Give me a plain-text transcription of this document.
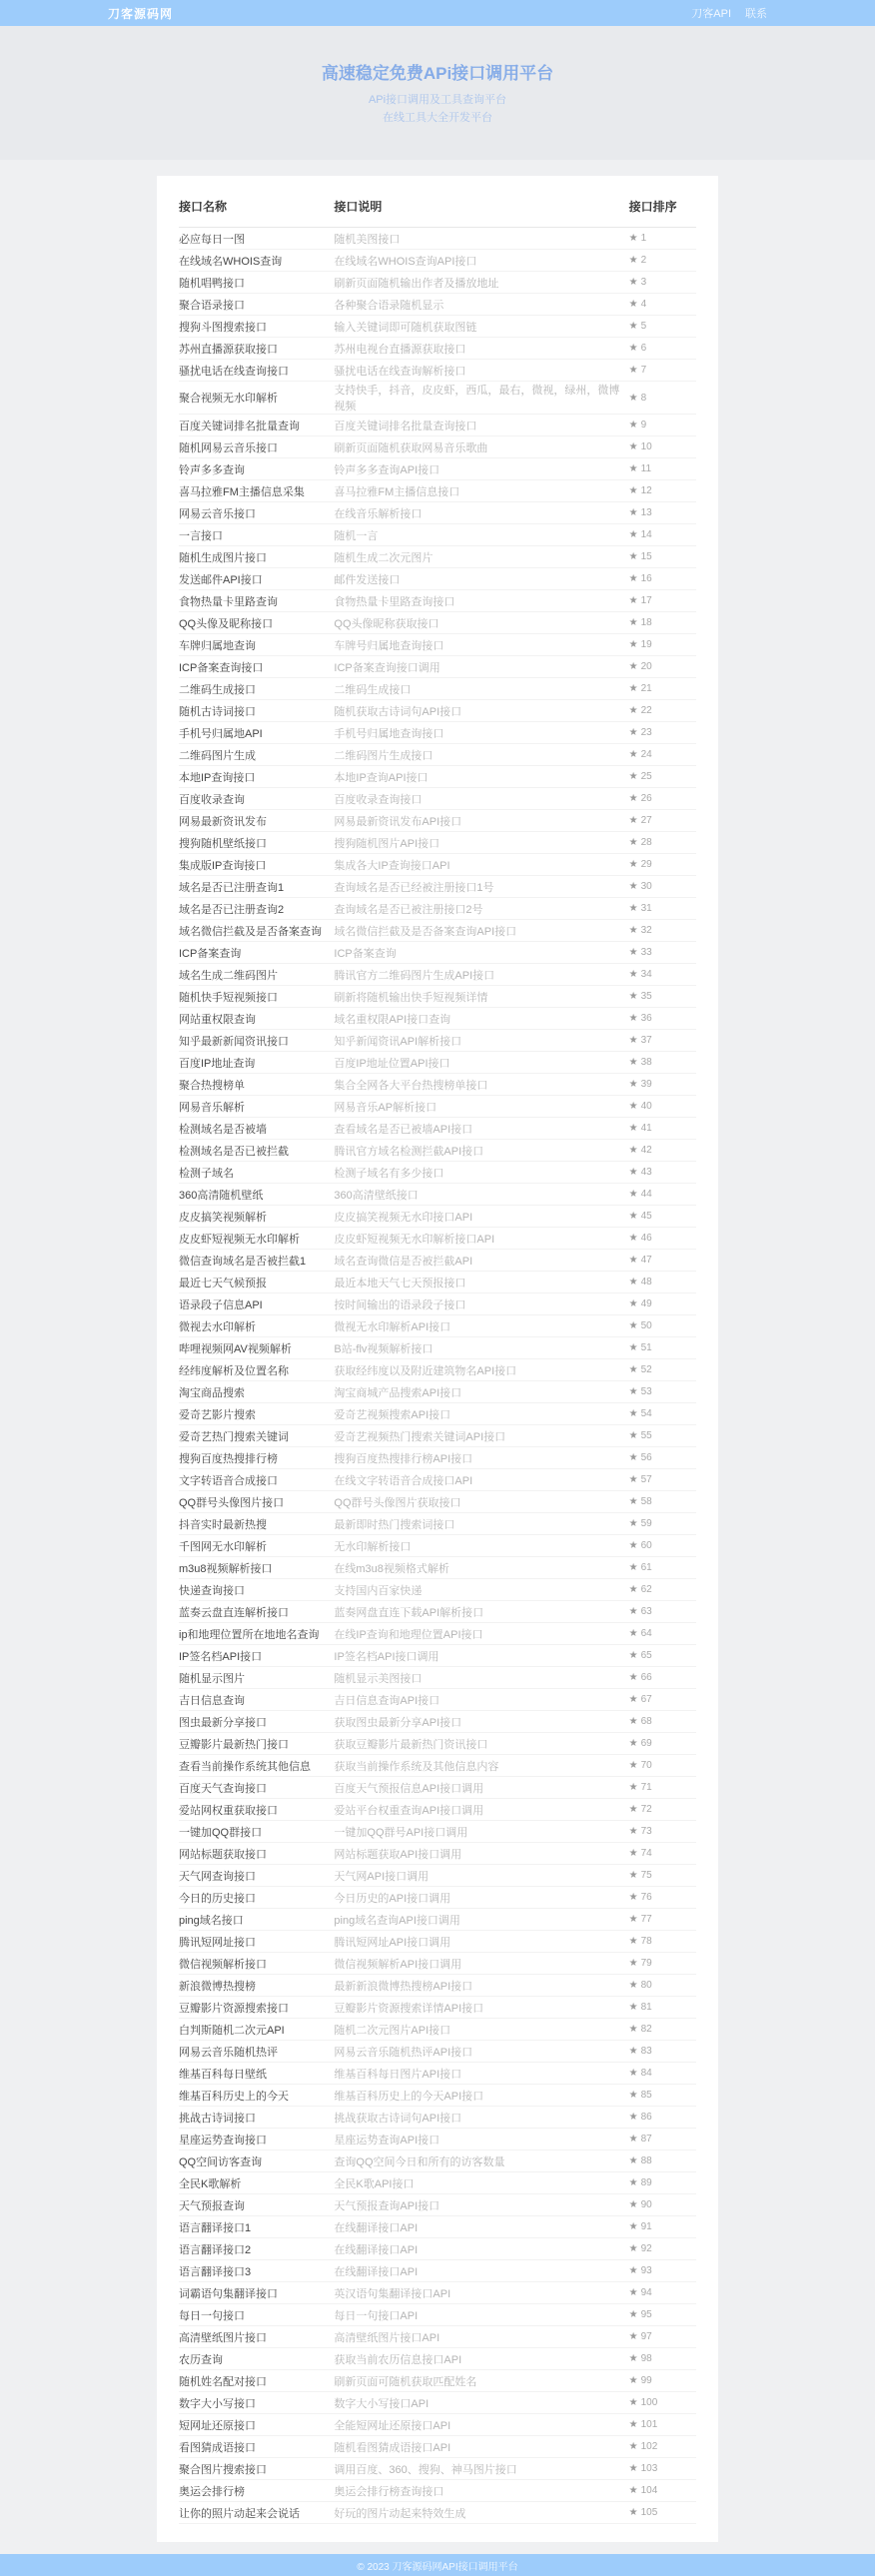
刀客源码网	刀客API 联系
高速稳定免费APi接口调用平台
APi接口调用及工具查询平台
在线工具大全开发平台
接口名称	接口说明	接口排序
必应每日一图	随机美图接口	★ 1
在线域名WHOIS查询	在线域名WHOIS查询API接口	★ 2
随机唱鸭接口	刷新页面随机输出作者及播放地址	★ 3
聚合语录接口	各种聚合语录随机显示	★ 4
搜狗斗图搜索接口	输入关键词即可随机获取图链	★ 5
苏州直播源获取接口	苏州电视台直播源获取接口	★ 6
骚扰电话在线查询接口	骚扰电话在线查询解析接口	★ 7
聚合视频无水印解析	支持快手，抖音，皮皮虾，西瓜，最右，微视，绿州，微博视频	★ 8
百度关键词排名批量查询	百度关键词排名批量查询接口	★ 9
随机网易云音乐接口	刷新页面随机获取网易音乐歌曲	★ 10
铃声多多查询	铃声多多查询API接口	★ 11
喜马拉雅FM主播信息采集	喜马拉雅FM主播信息接口	★ 12
网易云音乐接口	在线音乐解析接口	★ 13
一言接口	随机一言	★ 14
随机生成图片接口	随机生成二次元图片	★ 15
发送邮件API接口	邮件发送接口	★ 16
食物热量卡里路查询	食物热量卡里路查询接口	★ 17
QQ头像及昵称接口	QQ头像昵称获取接口	★ 18
车牌归属地查询	车牌号归属地查询接口	★ 19
ICP备案查询接口	ICP备案查询接口调用	★ 20
二维码生成接口	二维码生成接口	★ 21
随机古诗词接口	随机获取古诗词句API接口	★ 22
手机号归属地API	手机号归属地查询接口	★ 23
二维码图片生成	二维码图片生成接口	★ 24
本地IP查询接口	本地IP查询API接口	★ 25
百度收录查询	百度收录查询接口	★ 26
网易最新资讯发布	网易最新资讯发布API接口	★ 27
搜狗随机壁纸接口	搜狗随机图片API接口	★ 28
集成版IP查询接口	集成各大IP查询接口API	★ 29
域名是否已注册查询1	查询域名是否已经被注册接口1号	★ 30
域名是否已注册查询2	查询域名是否已被注册接口2号	★ 31
域名微信拦截及是否备案查询	域名微信拦截及是否备案查询API接口	★ 32
ICP备案查询	ICP备案查询	★ 33
域名生成二维码图片	腾讯官方二维码图片生成API接口	★ 34
随机快手短视频接口	刷新将随机输出快手短视频详情	★ 35
网站重权限查询	域名重权限API接口查询	★ 36
知乎最新新闻资讯接口	知乎新闻资讯API解析接口	★ 37
百度IP地址查询	百度IP地址位置API接口	★ 38
聚合热搜榜单	集合全网各大平台热搜榜单接口	★ 39
网易音乐解析	网易音乐AP解析接口	★ 40
检测域名是否被墙	查看域名是否已被墙API接口	★ 41
检测域名是否已被拦截	腾讯官方域名检测拦截API接口	★ 42
检测子域名	检测子域名有多少接口	★ 43
360高清随机壁纸	360高清壁纸接口	★ 44
皮皮搞笑视频解析	皮皮搞笑视频无水印接口API	★ 45
皮皮虾短视频无水印解析	皮皮虾短视频无水印解析接口API	★ 46
微信查询域名是否被拦截1	域名查询微信是否被拦截API	★ 47
最近七天气候预报	最近本地天气七天预报接口	★ 48
语录段子信息API	按时间输出的语录段子接口	★ 49
微视去水印解析	微视无水印解析API接口	★ 50
哔哩视频网AV视频解析	B站-flv视频解析接口	★ 51
经纬度解析及位置名称	获取经纬度以及附近建筑物名API接口	★ 52
淘宝商品搜索	淘宝商城产品搜索API接口	★ 53
爱奇艺影片搜索	爱奇艺视频搜索API接口	★ 54
爱奇艺热门搜索关键词	爱奇艺视频热门搜索关键词API接口	★ 55
搜狗百度热搜排行榜	搜狗百度热搜排行榜API接口	★ 56
文字转语音合成接口	在线文字转语音合成接口API	★ 57
QQ群号头像图片接口	QQ群号头像图片获取接口	★ 58
抖音实时最新热搜	最新即时热门搜索词接口	★ 59
千图网无水印解析	无水印解析接口	★ 60
m3u8视频解析接口	在线m3u8视频格式解析	★ 61
快递查询接口	支持国内百家快递	★ 62
蓝奏云盘直连解析接口	蓝奏网盘直连下载API解析接口	★ 63
ip和地理位置所在地地名查询	在线IP查询和地理位置API接口	★ 64
IP签名档API接口	IP签名档API接口调用	★ 65
随机显示图片	随机显示美图接口	★ 66
吉日信息查询	吉日信息查询API接口	★ 67
图虫最新分享接口	获取图虫最新分享API接口	★ 68
豆瓣影片最新热门接口	获取豆瓣影片最新热门资讯接口	★ 69
查看当前操作系统其他信息	获取当前操作系统及其他信息内容	★ 70
百度天气查询接口	百度天气预报信息API接口调用	★ 71
爱站网权重获取接口	爱站平台权重查询API接口调用	★ 72
一键加QQ群接口	一键加QQ群号API接口调用	★ 73
网站标题获取接口	网站标题获取API接口调用	★ 74
天气网查询接口	天气网API接口调用	★ 75
今日的历史接口	今日历史的API接口调用	★ 76
ping域名接口	ping域名查询API接口调用	★ 77
腾讯短网址接口	腾讯短网址API接口调用	★ 78
微信视频解析接口	微信视频解析API接口调用	★ 79
新浪微博热搜榜	最新新浪微博热搜榜API接口	★ 80
豆瓣影片资源搜索接口	豆瓣影片资源搜索详情API接口	★ 81
白判斯随机二次元API	随机二次元图片API接口	★ 82
网易云音乐随机热评	网易云音乐随机热评API接口	★ 83
维基百科每日壁纸	维基百科每日图片API接口	★ 84
维基百科历史上的今天	维基百科历史上的今天API接口	★ 85
挑战古诗词接口	挑战获取古诗词句API接口	★ 86
星座运势查询接口	星座运势查询API接口	★ 87
QQ空间访客查询	查询QQ空间今日和所有的访客数量	★ 88
全民K歌解析	全民K歌API接口	★ 89
天气预报查询	天气预报查询API接口	★ 90
语言翻译接口1	在线翻译接口API	★ 91
语言翻译接口2	在线翻译接口API	★ 92
语言翻译接口3	在线翻译接口API	★ 93
词霸语句集翻译接口	英汉语句集翻译接口API	★ 94
每日一句接口	每日一句接口API	★ 95
高清壁纸图片接口	高清壁纸图片接口API	★ 97
农历查询	获取当前农历信息接口API	★ 98
随机姓名配对接口	刷新页面可随机获取匹配姓名	★ 99
数字大小写接口	数字大小写接口API	★ 100
短网址还原接口	全能短网址还原接口API	★ 101
看图猜成语接口	随机看图猜成语接口API	★ 102
聚合图片搜索接口	调用百度、360、搜狗、神马图片接口	★ 103
奥运会排行榜	奥运会排行榜查询接口	★ 104
让你的照片动起来会说话	好玩的图片动起来特效生成	★ 105
© 2023 刀客源码网API接口调用平台
